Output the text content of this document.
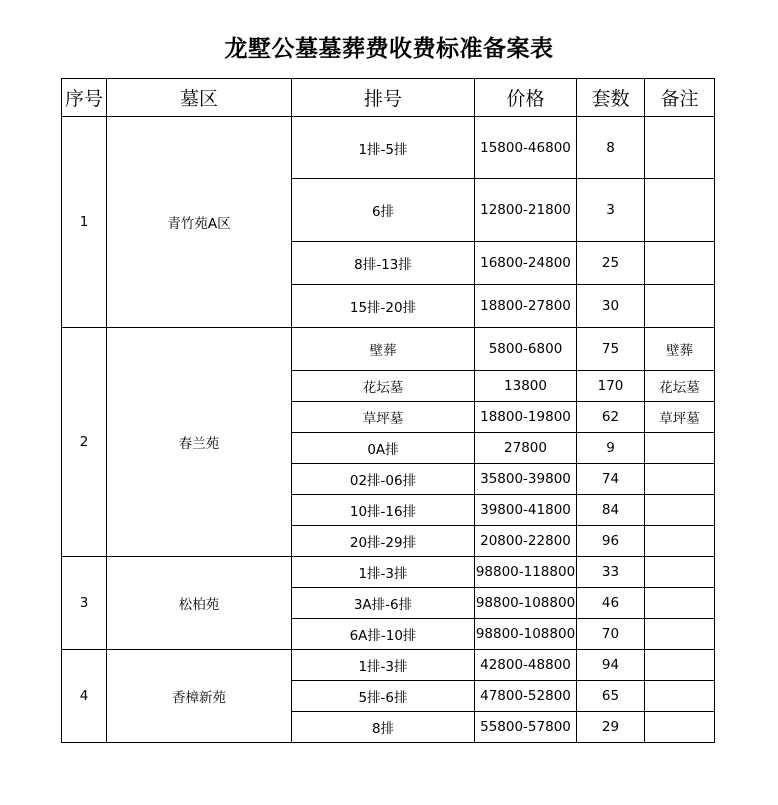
龙墅公墓墓葬费收费标准备案表
序号	墓区	排号	价格	套数	备注
1	青竹苑A区	1排-5排	15800-46800	8	
		6排	12800-21800	3	
		8排-13排	16800-24800	25	
		15排-20排	18800-27800	30	
2	春兰苑	壁葬	5800-6800	75	壁葬
		花坛墓	13800	170	花坛墓
		草坪墓	18800-19800	62	草坪墓
		0A排	27800	9	
		02排-06排	35800-39800	74	
		10排-16排	39800-41800	84	
		20排-29排	20800-22800	96	
3	松柏苑	1排-3排	98800-118800	33	
		3A排-6排	98800-108800	46	
		6A排-10排	98800-108800	70	
4	香樟新苑	1排-3排	42800-48800	94	
		5排-6排	47800-52800	65	
		8排	55800-57800	29	
